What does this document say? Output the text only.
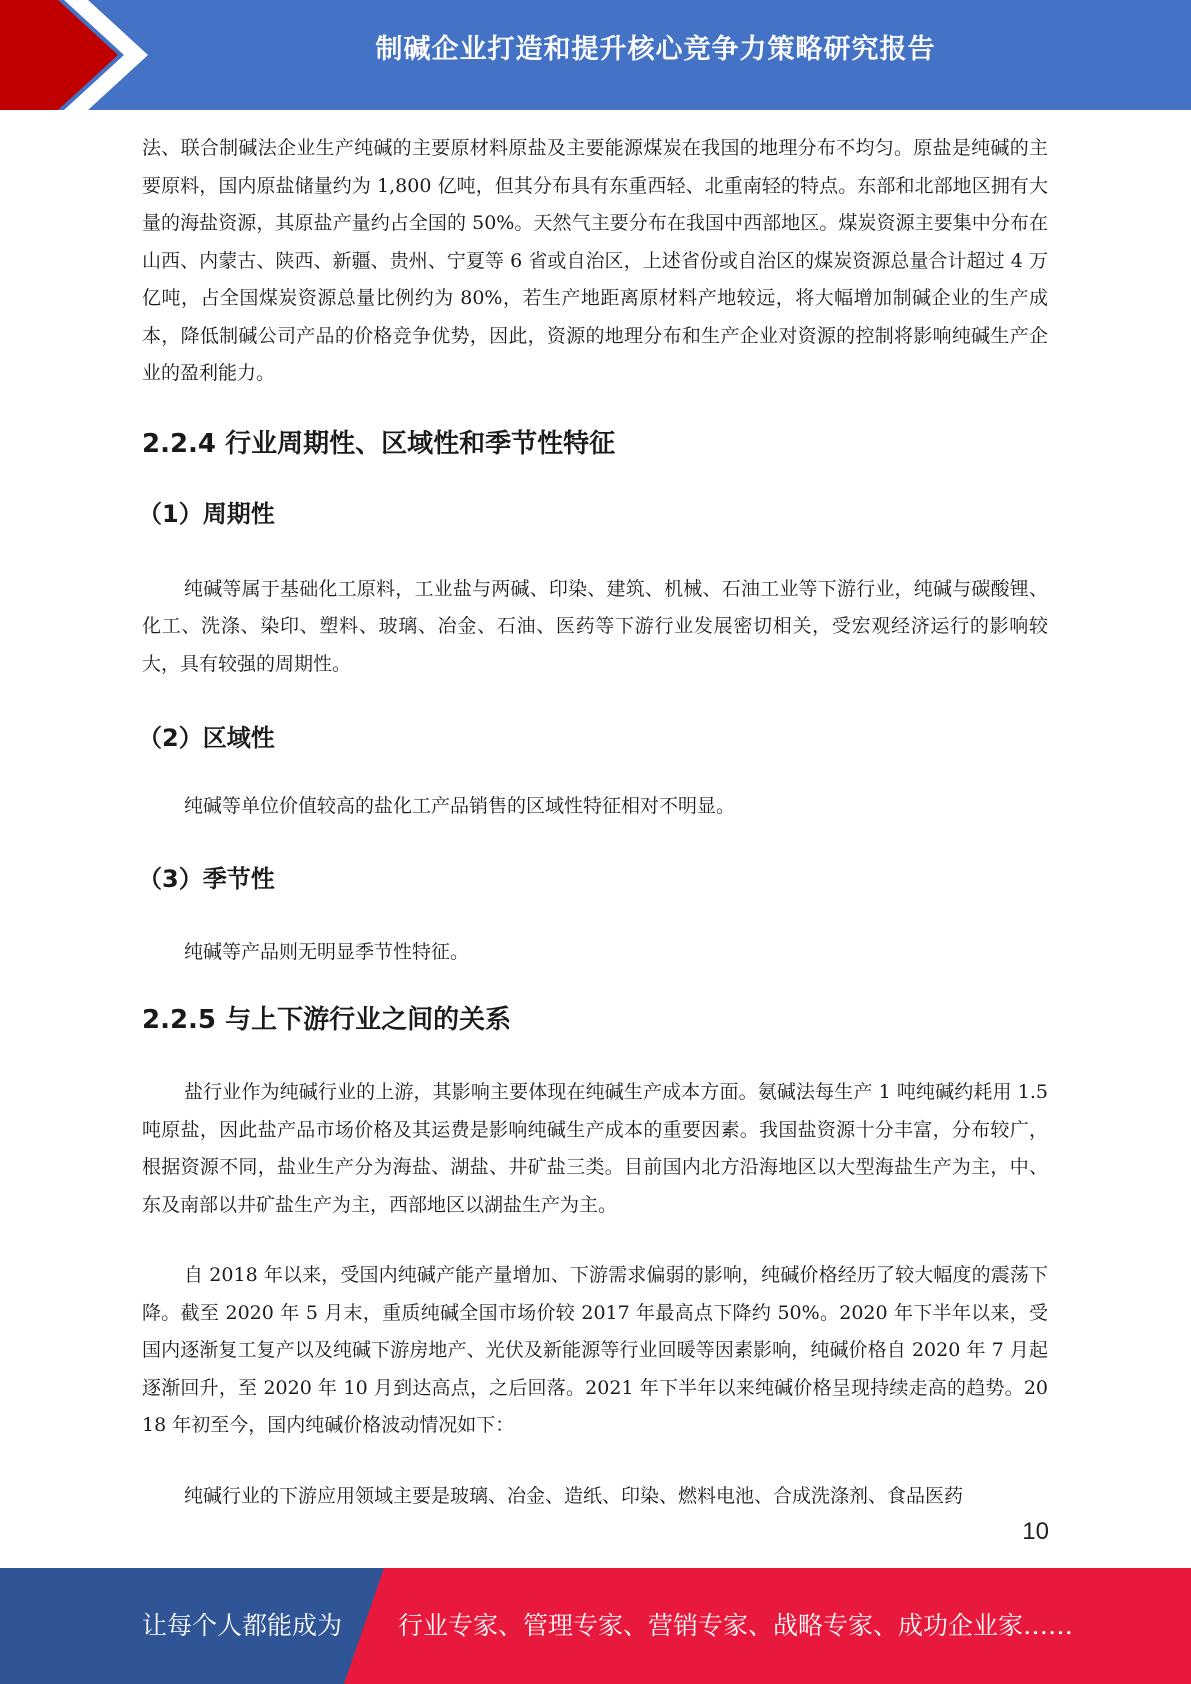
制碱企业打造和提升核心竞争力策略研究报告

法、联合制碱法企业生产纯碱的主要原材料原盐及主要能源煤炭在我国的地理分布不均匀。原盐是纯碱的主要原料，国内原盐储量约为 1,800 亿吨，但其分布具有东重西轻、北重南轻的特点。东部和北部地区拥有大量的海盐资源，其原盐产量约占全国的 50%。天然气主要分布在我国中西部地区。煤炭资源主要集中分布在山西、内蒙古、陕西、新疆、贵州、宁夏等 6 省或自治区，上述省份或自治区的煤炭资源总量合计超过 4 万亿吨，占全国煤炭资源总量比例约为 80%，若生产地距离原材料产地较远，将大幅增加制碱企业的生产成本，降低制碱公司产品的价格竞争优势，因此，资源的地理分布和生产企业对资源的控制将影响纯碱生产企业的盈利能力。

2.2.4 行业周期性、区域性和季节性特征
（1）周期性

纯碱等属于基础化工原料，工业盐与两碱、印染、建筑、机械、石油工业等下游行业，纯碱与碳酸锂、化工、洗涤、染印、塑料、玻璃、冶金、石油、医药等下游行业发展密切相关，受宏观经济运行的影响较大，具有较强的周期性。

（2）区域性

纯碱等单位价值较高的盐化工产品销售的区域性特征相对不明显。

（3）季节性

纯碱等产品则无明显季节性特征。

2.2.5 与上下游行业之间的关系

盐行业作为纯碱行业的上游，其影响主要体现在纯碱生产成本方面。氨碱法每生产 1 吨纯碱约耗用 1.5 吨原盐，因此盐产品市场价格及其运费是影响纯碱生产成本的重要因素。我国盐资源十分丰富，分布较广，根据资源不同，盐业生产分为海盐、湖盐、井矿盐三类。目前国内北方沿海地区以大型海盐生产为主，中、东及南部以井矿盐生产为主，西部地区以湖盐生产为主。

自 2018 年以来，受国内纯碱产能产量增加、下游需求偏弱的影响，纯碱价格经历了较大幅度的震荡下降。截至 2020 年 5 月末，重质纯碱全国市场价较 2017 年最高点下降约 50%。2020 年下半年以来，受国内逐渐复工复产以及纯碱下游房地产、光伏及新能源等行业回暖等因素影响，纯碱价格自 2020 年 7 月起逐渐回升，至 2020 年 10 月到达高点，之后回落。2021 年下半年以来纯碱价格呈现持续走高的趋势。2018 年初至今，国内纯碱价格波动情况如下：

纯碱行业的下游应用领域主要是玻璃、冶金、造纸、印染、燃料电池、合成洗涤剂、食品医药

10
让每个人都能成为 行业专家、管理专家、营销专家、战略专家、成功企业家……
